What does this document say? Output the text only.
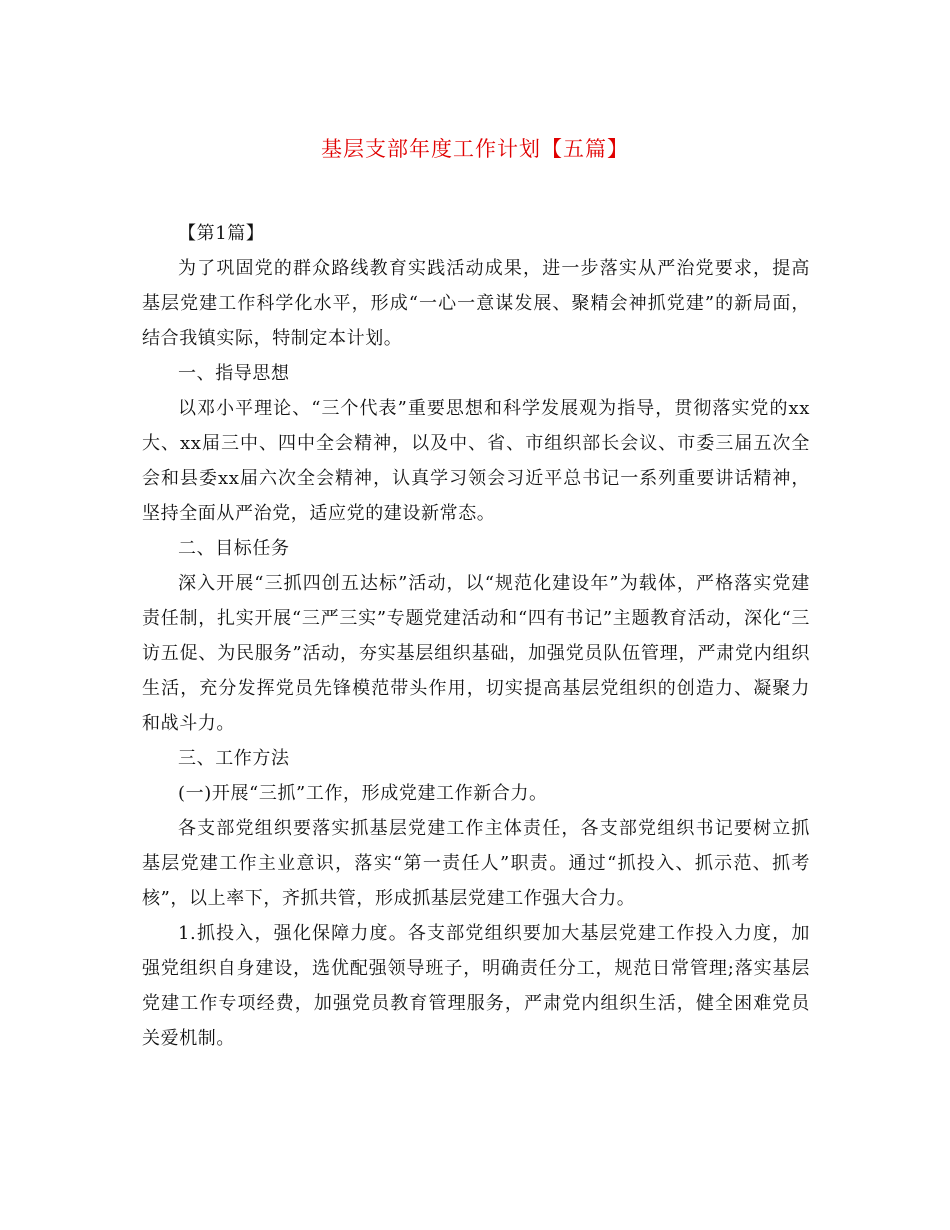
基层支部年度工作计划【五篇】

【第1篇】

为了巩固党的群众路线教育实践活动成果，进一步落实从严治党要求，提高基层党建工作科学化水平，形成“一心一意谋发展、聚精会神抓党建”的新局面，结合我镇实际，特制定本计划。

一、指导思想

以邓小平理论、“三个代表”重要思想和科学发展观为指导，贯彻落实党的xx大、xx届三中、四中全会精神，以及中、省、市组织部长会议、市委三届五次全会和县委xx届六次全会精神，认真学习领会习近平总书记一系列重要讲话精神，坚持全面从严治党，适应党的建设新常态。

二、目标任务

深入开展“三抓四创五达标”活动，以“规范化建设年”为载体，严格落实党建责任制，扎实开展“三严三实”专题党建活动和“四有书记”主题教育活动，深化“三访五促、为民服务”活动，夯实基层组织基础，加强党员队伍管理，严肃党内组织生活，充分发挥党员先锋模范带头作用，切实提高基层党组织的创造力、凝聚力和战斗力。

三、工作方法

(一)开展“三抓”工作，形成党建工作新合力。

各支部党组织要落实抓基层党建工作主体责任，各支部党组织书记要树立抓基层党建工作主业意识，落实“第一责任人”职责。通过“抓投入、抓示范、抓考核”，以上率下，齐抓共管，形成抓基层党建工作强大合力。

1.抓投入，强化保障力度。各支部党组织要加大基层党建工作投入力度，加强党组织自身建设，选优配强领导班子，明确责任分工，规范日常管理;落实基层党建工作专项经费，加强党员教育管理服务，严肃党内组织生活，健全困难党员关爱机制。
